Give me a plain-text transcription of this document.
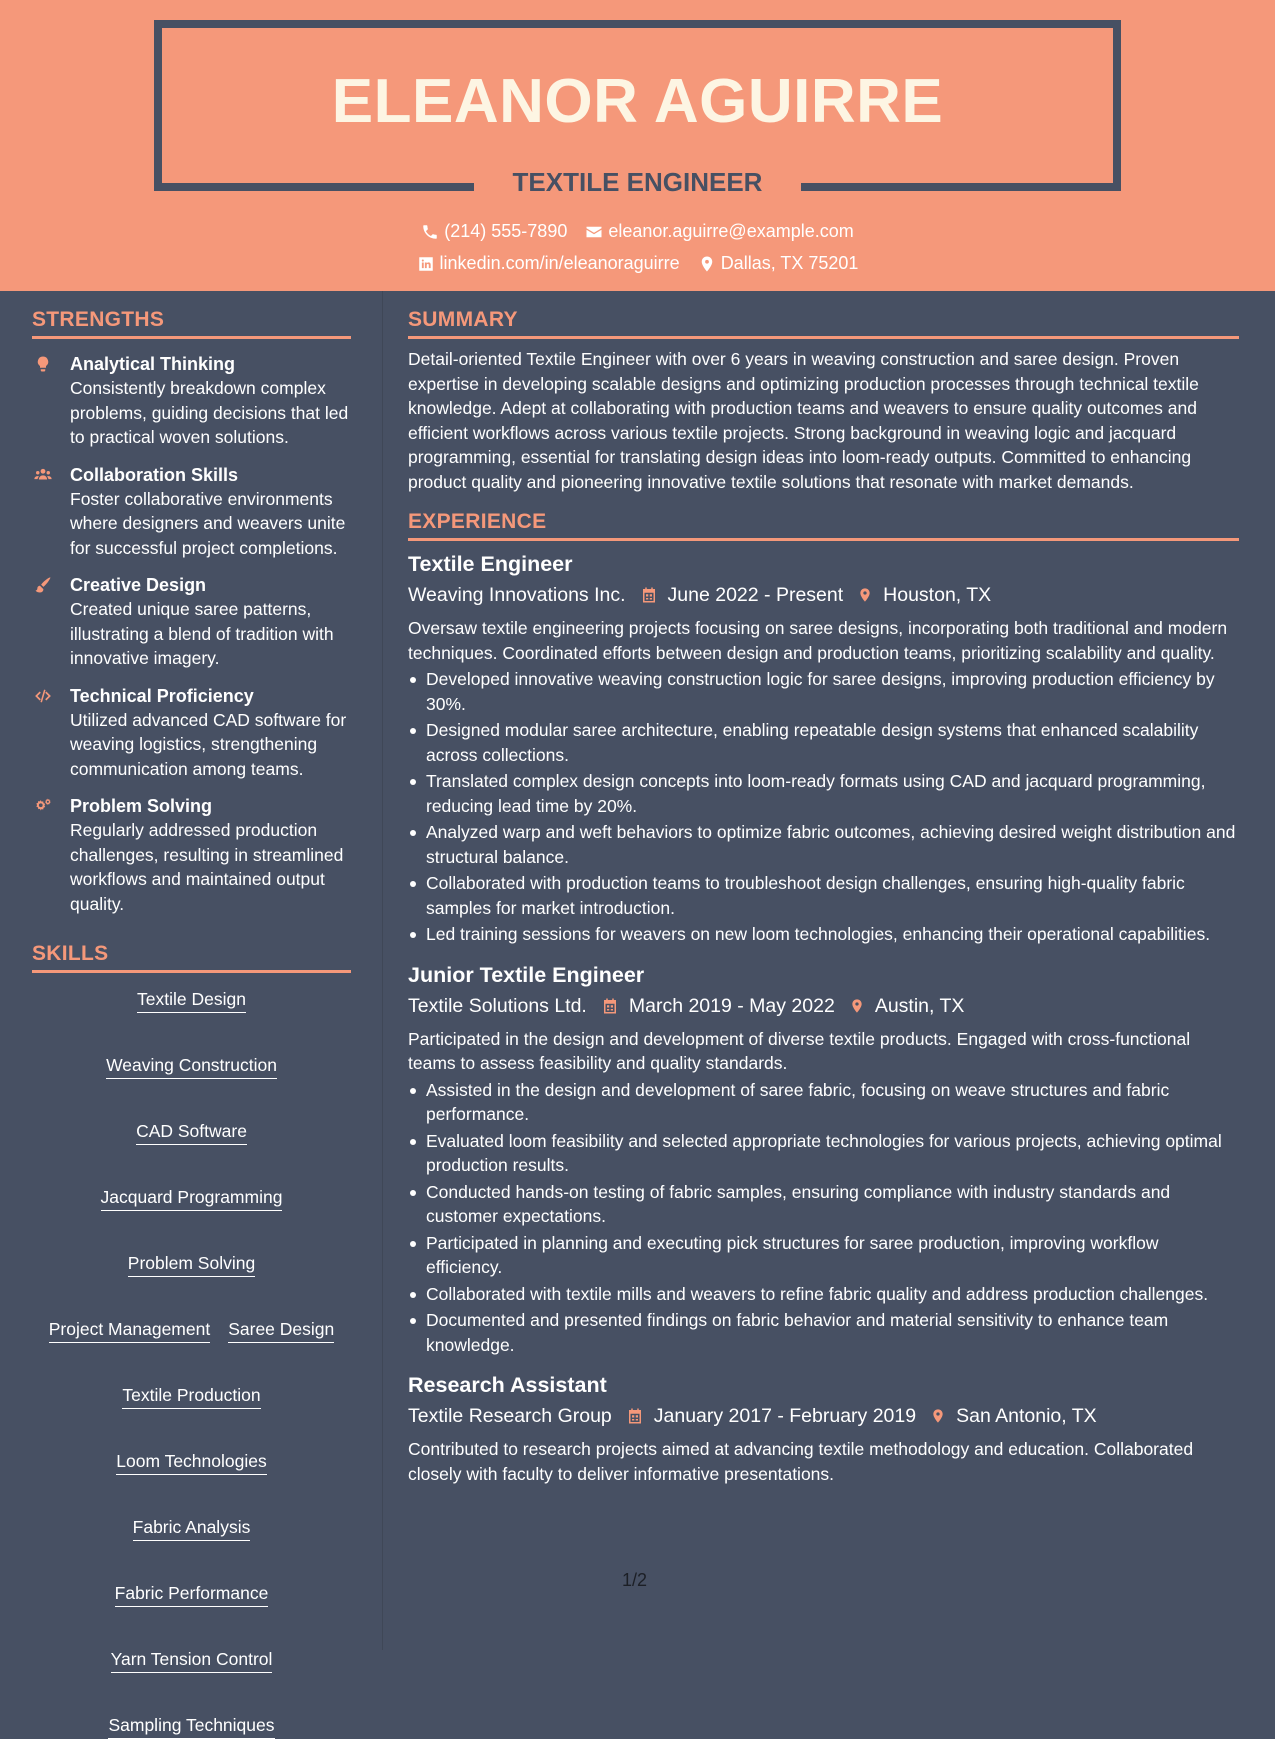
ELEANOR AGUIRRE
TEXTILE ENGINEER
(214) 555-7890 eleanor.aguirre@example.com
linkedin.com/in/eleanoraguirre Dallas, TX 75201
STRENGTHS
Analytical Thinking
Consistently breakdown complex problems, guiding decisions that led to practical woven solutions.
Collaboration Skills
Foster collaborative environments where designers and weavers unite for successful project completions.
Creative Design
Created unique saree patterns, illustrating a blend of tradition with innovative imagery.
Technical Proficiency
Utilized advanced CAD software for weaving logistics, strengthening communication among teams.
Problem Solving
Regularly addressed production challenges, resulting in streamlined workflows and maintained output quality.
SKILLS
Textile Design
Weaving Construction
CAD Software
Jacquard Programming
Problem Solving
Project Management Saree Design
Textile Production
Loom Technologies
Fabric Analysis
Fabric Performance
Yarn Tension Control
Sampling Techniques
SUMMARY
Detail-oriented Textile Engineer with over 6 years in weaving construction and saree design. Proven expertise in developing scalable designs and optimizing production processes through technical textile knowledge. Adept at collaborating with production teams and weavers to ensure quality outcomes and efficient workflows across various textile projects. Strong background in weaving logic and jacquard programming, essential for translating design ideas into loom-ready outputs. Committed to enhancing product quality and pioneering innovative textile solutions that resonate with market demands.
EXPERIENCE
Textile Engineer
Weaving Innovations Inc. June 2022 - Present Houston, TX
Oversaw textile engineering projects focusing on saree designs, incorporating both traditional and modern techniques. Coordinated efforts between design and production teams, prioritizing scalability and quality.
Developed innovative weaving construction logic for saree designs, improving production efficiency by 30%.
Designed modular saree architecture, enabling repeatable design systems that enhanced scalability across collections.
Translated complex design concepts into loom-ready formats using CAD and jacquard programming, reducing lead time by 20%.
Analyzed warp and weft behaviors to optimize fabric outcomes, achieving desired weight distribution and structural balance.
Collaborated with production teams to troubleshoot design challenges, ensuring high-quality fabric samples for market introduction.
Led training sessions for weavers on new loom technologies, enhancing their operational capabilities.
Junior Textile Engineer
Textile Solutions Ltd. March 2019 - May 2022 Austin, TX
Participated in the design and development of diverse textile products. Engaged with cross-functional teams to assess feasibility and quality standards.
Assisted in the design and development of saree fabric, focusing on weave structures and fabric performance.
Evaluated loom feasibility and selected appropriate technologies for various projects, achieving optimal production results.
Conducted hands-on testing of fabric samples, ensuring compliance with industry standards and customer expectations.
Participated in planning and executing pick structures for saree production, improving workflow efficiency.
Collaborated with textile mills and weavers to refine fabric quality and address production challenges.
Documented and presented findings on fabric behavior and material sensitivity to enhance team knowledge.
Research Assistant
Textile Research Group January 2017 - February 2019 San Antonio, TX
Contributed to research projects aimed at advancing textile methodology and education. Collaborated closely with faculty to deliver informative presentations.
1/2
